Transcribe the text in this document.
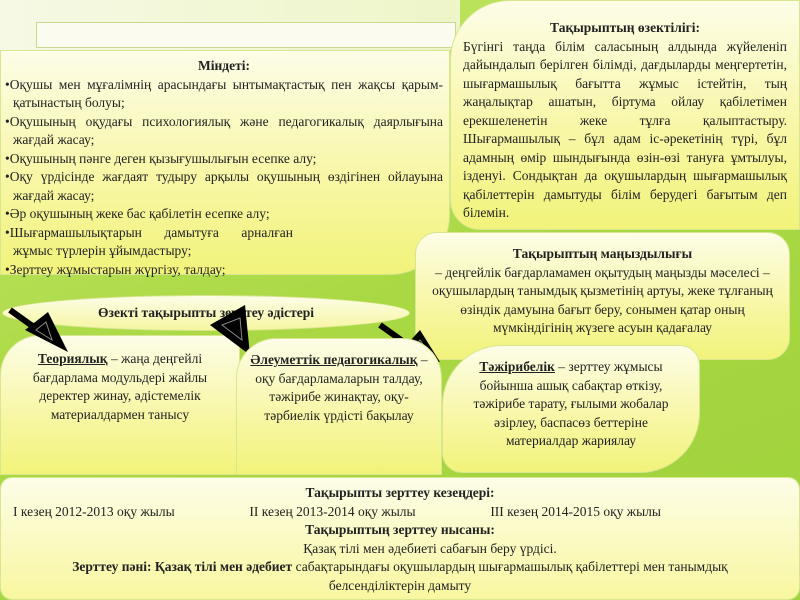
Міндеті:
• Оқушы мен мұғалімнің арасындағы ынтымақтастық пен жақсы қарым-қатынастың болуы;
• Оқушының оқудағы психологиялық және педагогикалық даярлығына жағдай жасау;
• Оқушының пәнге деген қызығушылығын есепке алу;
• Оқу үрдісінде жағдаят тудыру арқылы оқушының өздігінен ойлауына жағдай жасау;
• Әр оқушының жеке бас қабілетін есепке алу;
• Шығармашылықтарын дамытуға арналған жұмыс түрлерін ұйымдастыру;
• Зерттеу жұмыстарын жүргізу, талдау;
Тақырыптың өзектілігі:

Бүгінгі таңда білім саласының алдында жүйеленіп дайындалып берілген білімді, дағдыларды меңгертетін, шығармашылық бағытта жұмыс істейтін, тың жаңалықтар ашатын, біртума ойлау қабілетімен ерекшеленетін жеке тұлға қалыптастыру. Шығармашылық – бұл адам іс-әрекетінің түрі, бұл адамның өмір шындығында өзін-өзі тануға ұмтылуы, ізденуі. Сондықтан да оқушылардың шығармашылық қабілеттерін дамытуды білім берудегі бағытым деп білемін.

Тақырыптың маңыздылығы

– деңгейлік бағдарламамен оқытудың маңызды мәселесі – оқушылардың танымдық қызметінің артуы, жеке тұлғаның өзіндік дамуына бағыт беру, сонымен қатар оның мүмкіндігінің жүзеге асуын қадағалау

Теориялық – жаңа деңгейлі бағдарлама модульдері жайлы деректер жинау, әдістемелік материалдармен танысу
Әлеуметтік педагогикалық – оқу бағдарламаларын талдау, тәжірибе жинақтау, оқу-тәрбиелік үрдісті бақылау
Тәжірибелік – зерттеу жұмысы бойынша ашық сабақтар өткізу, тәжірибе тарату, ғылыми жобалар әзірлеу, баспасөз беттеріне материалдар жариялау
Өзекті тақырыпты зерттеу әдістері
Тақырыпты зерттеу кезеңдері:
І кезең 2012-2013 оқу жылы	ІІ кезең 2013-2014 оқу жылы	ІІІ кезең 2014-2015 оқу жылы
Тақырыптың зерттеу нысаны:
Қазақ тілі мен әдебиеті сабағын беру үрдісі.
Зерттеу пәні: Қазақ тілі мен әдебиет сабақтарындағы оқушылардың шығармашылық қабілеттері мен танымдық белсенділіктерін дамыту
